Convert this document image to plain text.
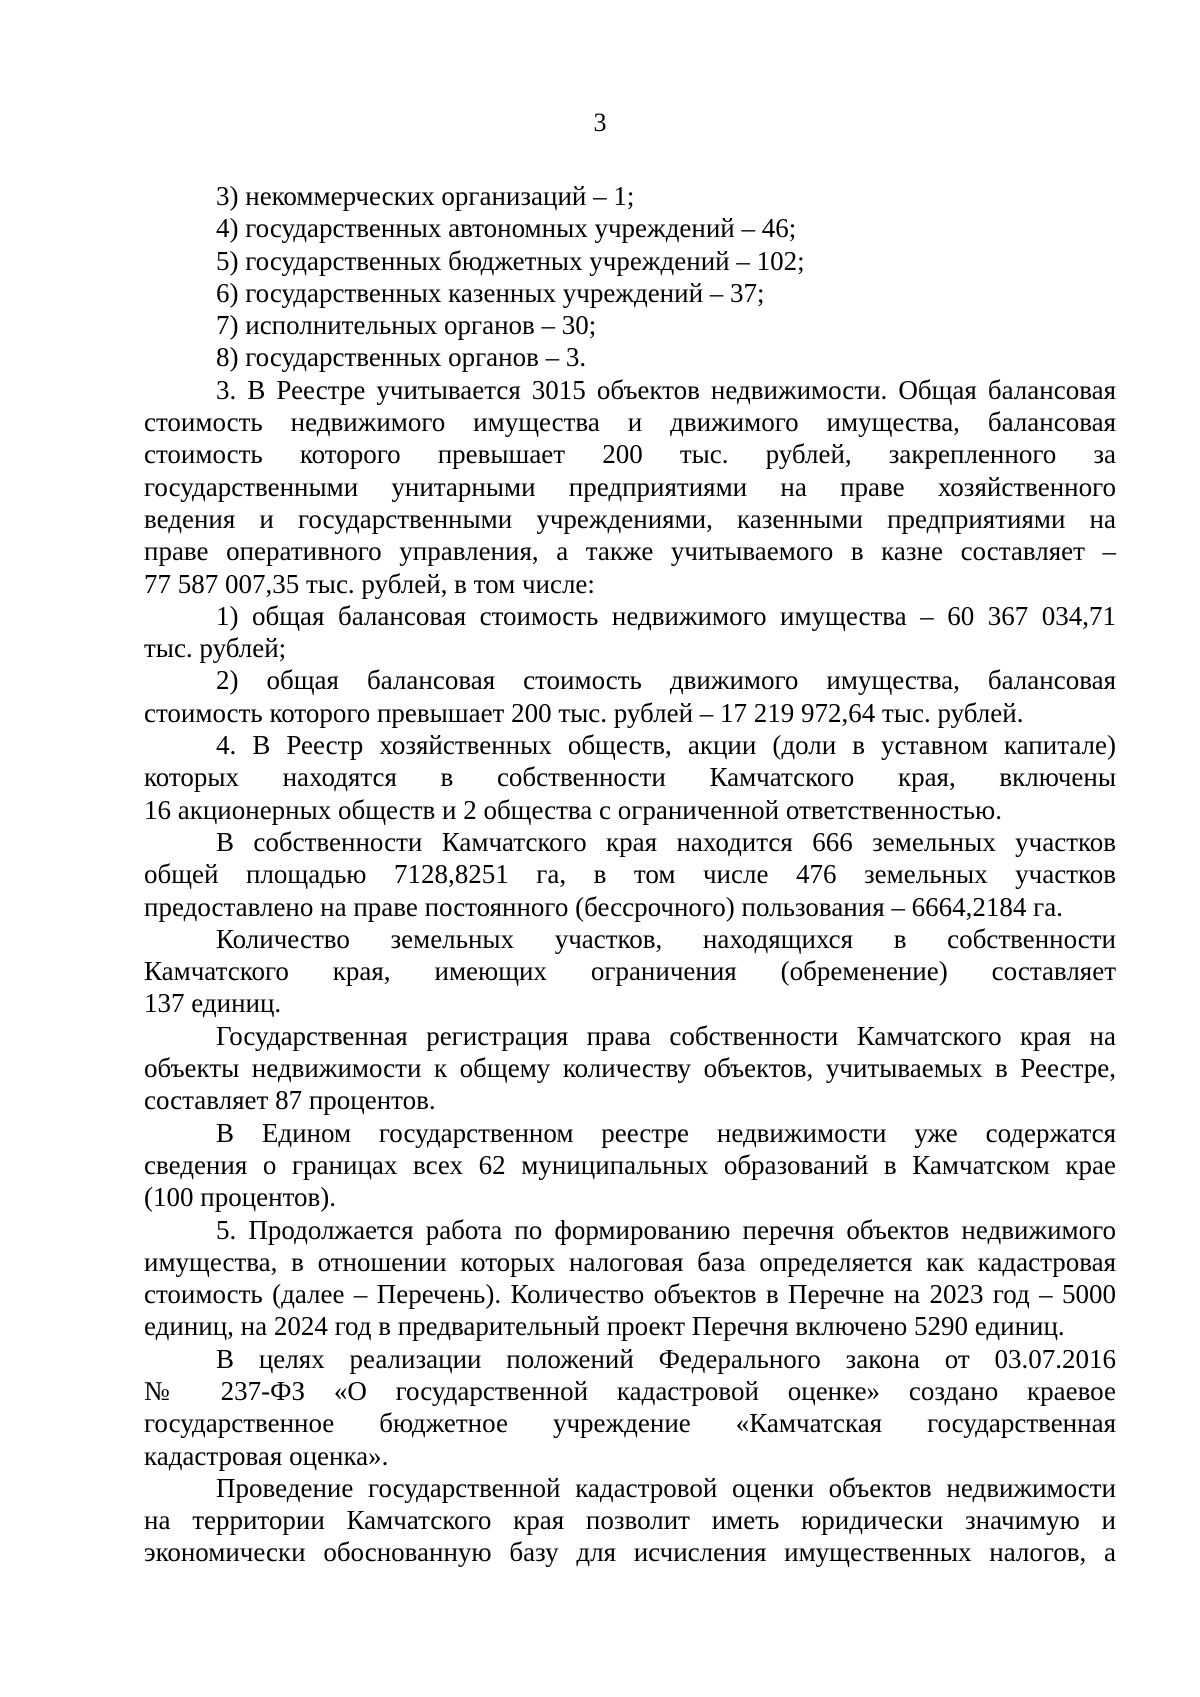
3
3) некоммерческих организаций – 1;
4) государственных автономных учреждений – 46;
5) государственных бюджетных учреждений – 102;
6) государственных казенных учреждений – 37;
7) исполнительных органов – 30;
8) государственных органов – 3.
3. В Реестре учитывается 3015 объектов недвижимости. Общая балансовая
стоимость недвижимого имущества и движимого имущества, балансовая
стоимость которого превышает 200 тыс. рублей, закрепленного за
государственными унитарными предприятиями на праве хозяйственного
ведения и государственными учреждениями, казенными предприятиями на
праве оперативного управления, а также учитываемого в казне составляет –
77 587 007,35 тыс. рублей, в том числе:
1) общая балансовая стоимость недвижимого имущества – 60 367 034,71
тыс. рублей;
2) общая балансовая стоимость движимого имущества, балансовая
стоимость которого превышает 200 тыс. рублей – 17 219 972,64 тыс. рублей.
4. В Реестр хозяйственных обществ, акции (доли в уставном капитале)
которых находятся в собственности Камчатского края, включены
16 акционерных обществ и 2 общества с ограниченной ответственностью.
В собственности Камчатского края находится 666 земельных участков
общей площадью 7128,8251 га, в том числе 476 земельных участков
предоставлено на праве постоянного (бессрочного) пользования – 6664,2184 га.
Количество земельных участков, находящихся в собственности
Камчатского края, имеющих ограничения (обременение) составляет
137 единиц.
Государственная регистрация права собственности Камчатского края на
объекты недвижимости к общему количеству объектов, учитываемых в Реестре,
составляет 87 процентов.
В Едином государственном реестре недвижимости уже содержатся
сведения о границах всех 62 муниципальных образований в Камчатском крае
(100 процентов).
5. Продолжается работа по формированию перечня объектов недвижимого
имущества, в отношении которых налоговая база определяется как кадастровая
стоимость (далее – Перечень). Количество объектов в Перечне на 2023 год – 5000
единиц, на 2024 год в предварительный проект Перечня включено 5290 единиц.
В целях реализации положений Федерального закона от 03.07.2016
№ 237-ФЗ «О государственной кадастровой оценке» создано краевое
государственное бюджетное учреждение «Камчатская государственная
кадастровая оценка».
Проведение государственной кадастровой оценки объектов недвижимости
на территории Камчатского края позволит иметь юридически значимую и
экономически обоснованную базу для исчисления имущественных налогов, а
